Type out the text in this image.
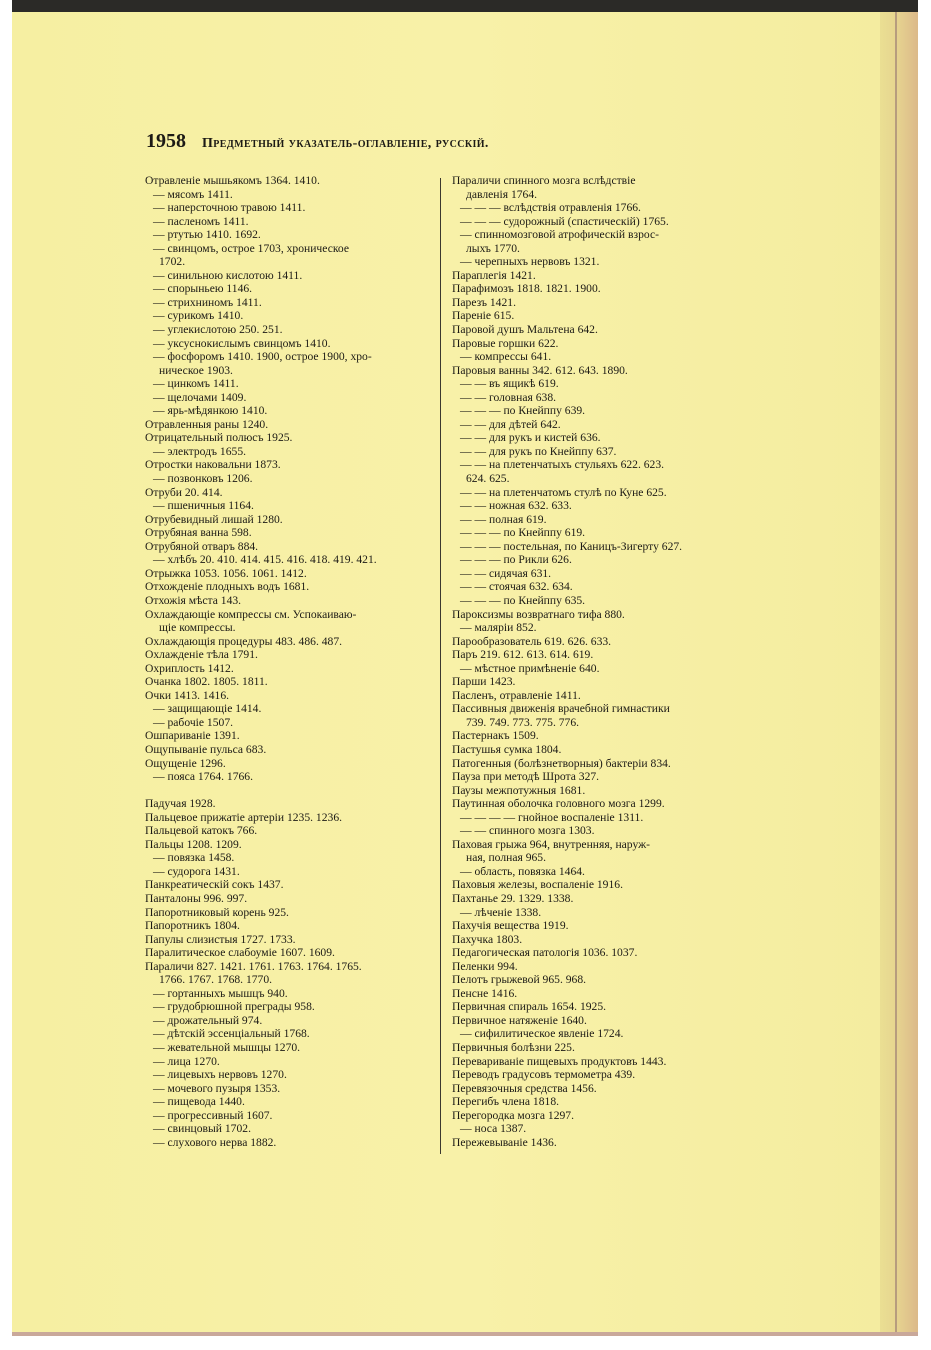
1958 Предметный указатель-оглавленіе, русскій.
Отравленіе мышьякомъ 1364. 1410.
— мясомъ 1411.
— наперсточною травою 1411.
— пасленомъ 1411.
— ртутью 1410. 1692.
— свинцомъ, острое 1703, хроническое
1702.
— синильною кислотою 1411.
— спорыньею 1146.
— стрихниномъ 1411.
— сурикомъ 1410.
— углекислотою 250. 251.
— уксуснокислымъ свинцомъ 1410.
— фосфоромъ 1410. 1900, острое 1900, хро-
ническое 1903.
— цинкомъ 1411.
— щелочами 1409.
— ярь-мѣдянкою 1410.
Отравленныя раны 1240.
Отрицательный полюсъ 1925.
— электродъ 1655.
Отростки наковальни 1873.
— позвонковъ 1206.
Отруби 20. 414.
— пшеничныя 1164.
Отрубевидный лишай 1280.
Отрубяная ванна 598.
Отрубяной отваръ 884.
— хлѣбъ 20. 410. 414. 415. 416. 418. 419. 421.
Отрыжка 1053. 1056. 1061. 1412.
Отхожденіе плодныхъ водъ 1681.
Отхожія мѣста 143.
Охлаждающіе компрессы см. Успокаиваю-
щіе компрессы.
Охлаждающія процедуры 483. 486. 487.
Охлажденіе тѣла 1791.
Охриплость 1412.
Очанка 1802. 1805. 1811.
Очки 1413. 1416.
— защищающіе 1414.
— рабочіе 1507.
Ошпариваніе 1391.
Ощупываніе пульса 683.
Ощущеніе 1296.
— пояса 1764. 1766.
Падучая 1928.
Пальцевое прижатіе артеріи 1235. 1236.
Пальцевой катокъ 766.
Пальцы 1208. 1209.
— повязка 1458.
— судорога 1431.
Панкреатическій сокъ 1437.
Панталоны 996. 997.
Папоротниковый корень 925.
Папоротникъ 1804.
Папулы слизистыя 1727. 1733.
Паралитическое слабоуміе 1607. 1609.
Параличи 827. 1421. 1761. 1763. 1764. 1765.
1766. 1767. 1768. 1770.
— гортанныхъ мышцъ 940.
— грудобрюшной преграды 958.
— дрожательный 974.
— дѣтскій эссенціальный 1768.
— жевательной мышцы 1270.
— лица 1270.
— лицевыхъ нервовъ 1270.
— мочевого пузыря 1353.
— пищевода 1440.
— прогрессивный 1607.
— свинцовый 1702.
— слухового нерва 1882.
Параличи спинного мозга вслѣдствіе
давленія 1764.
— — — вслѣдствія отравленія 1766.
— — — судорожный (спастическій) 1765.
— спинномозговой атрофическій взрос-
лыхъ 1770.
— черепныхъ нервовъ 1321.
Параплегія 1421.
Парафимозъ 1818. 1821. 1900.
Парезъ 1421.
Пареніе 615.
Паровой душъ Мальтена 642.
Паровые горшки 622.
— компрессы 641.
Паровыя ванны 342. 612. 643. 1890.
— — въ ящикѣ 619.
— — головная 638.
— — — по Кнейппу 639.
— — для дѣтей 642.
— — для рукъ и кистей 636.
— — для рукъ по Кнейппу 637.
— — на плетенчатыхъ стульяхъ 622. 623.
624. 625.
— — на плетенчатомъ стулѣ по Куне 625.
— — ножная 632. 633.
— — полная 619.
— — — по Кнейппу 619.
— — — постельная, по Каницъ-Зигерту 627.
— — — по Рикли 626.
— — сидячая 631.
— — стоячая 632. 634.
— — — по Кнейппу 635.
Пароксизмы возвратнаго тифа 880.
— маляріи 852.
Парообразователь 619. 626. 633.
Паръ 219. 612. 613. 614. 619.
— мѣстное примѣненіе 640.
Парши 1423.
Пасленъ, отравленіе 1411.
Пассивныя движенія врачебной гимнастики
739. 749. 773. 775. 776.
Пастернакъ 1509.
Пастушья сумка 1804.
Патогенныя (болѣзнетворныя) бактеріи 834.
Пауза при методѣ Шрота 327.
Паузы межпотужныя 1681.
Паутинная оболочка головного мозга 1299.
— — — — гнойное воспаленіе 1311.
— — спинного мозга 1303.
Паховая грыжа 964, внутренняя, наруж-
ная, полная 965.
— область, повязка 1464.
Паховыя железы, воспаленіе 1916.
Пахтанье 29. 1329. 1338.
— лѣченіе 1338.
Пахучія вещества 1919.
Пахучка 1803.
Педагогическая патологія 1036. 1037.
Пеленки 994.
Пелотъ грыжевой 965. 968.
Пенсне 1416.
Первичная спираль 1654. 1925.
Первичное натяженіе 1640.
— сифилитическое явленіе 1724.
Первичныя болѣзни 225.
Перевариваніе пищевыхъ продуктовъ 1443.
Переводъ градусовъ термометра 439.
Перевязочныя средства 1456.
Перегибъ члена 1818.
Перегородка мозга 1297.
— носа 1387.
Пережевываніе 1436.
